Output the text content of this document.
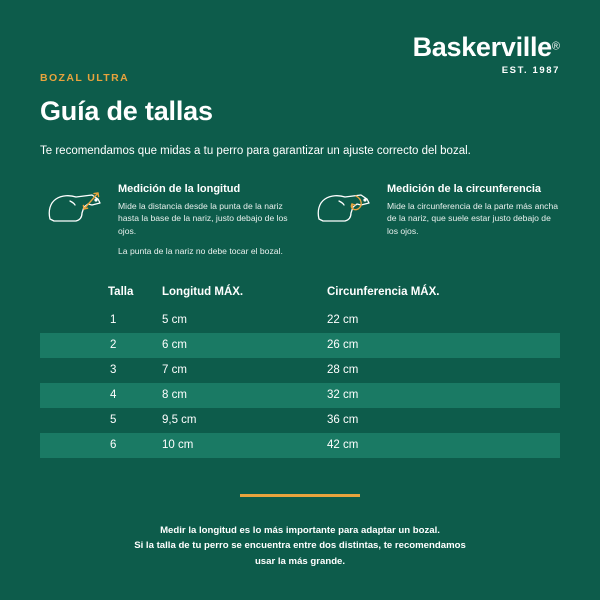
Baskerville®
EST. 1987
BOZAL ULTRA
Guía de tallas

Te recomendamos que midas a tu perro para garantizar un ajuste correcto del bozal.

Medición de la longitud

Mide la distancia desde la punta de la nariz hasta la base de la nariz, justo debajo de los ojos.

La punta de la nariz no debe tocar el bozal.

Medición de la circunferencia

Mide la circunferencia de la parte más ancha de la nariz, que suele estar justo debajo de los ojos.

Talla	Longitud MÁX.	Circunferencia MÁX.
1	5 cm	22 cm
2	6 cm	26 cm
3	7 cm	28 cm
4	8 cm	32 cm
5	9,5 cm	36 cm
6	10 cm	42 cm
Medir la longitud es lo más importante para adaptar un bozal.
Si la talla de tu perro se encuentra entre dos distintas, te recomendamos
usar la más grande.
